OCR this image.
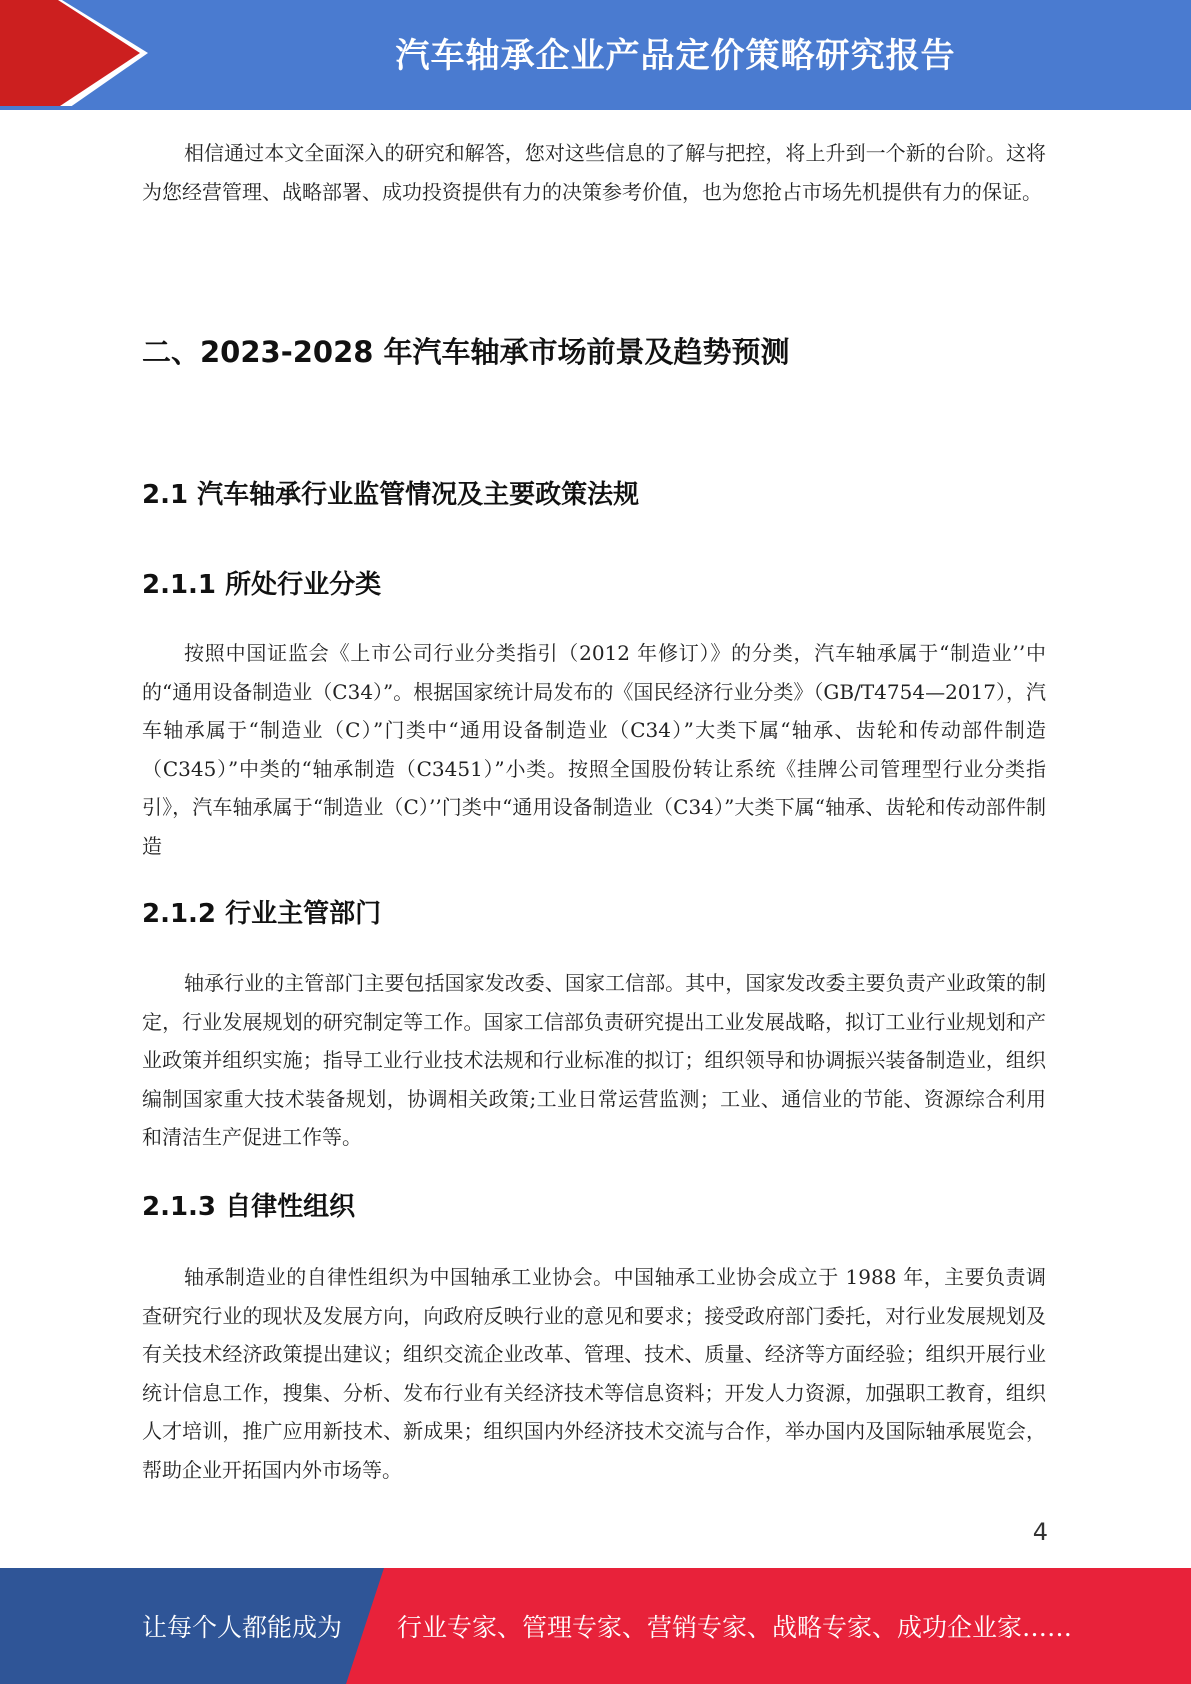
汽车轴承企业产品定价策略研究报告

相信通过本文全面深入的研究和解答，您对这些信息的了解与把控，将上升到一个新的台阶。这将为您经营管理、战略部署、成功投资提供有力的决策参考价值，也为您抢占市场先机提供有力的保证。

二、2023-2028 年汽车轴承市场前景及趋势预测
2.1 汽车轴承行业监管情况及主要政策法规
2.1.1 所处行业分类

按照中国证监会《上市公司行业分类指引（2012 年修订）》的分类，汽车轴承属于“制造业’’中的“通用设备制造业（C34）”。根据国家统计局发布的《国民经济行业分类》（GB/T4754—2017），汽车轴承属于“制造业（C）”门类中“通用设备制造业（C34）”大类下属“轴承、齿轮和传动部件制造（C345）”中类的“轴承制造（C3451）”小类。按照全国股份转让系统《挂牌公司管理型行业分类指引》，汽车轴承属于“制造业（C）’’门类中“通用设备制造业（C34）”大类下属“轴承、齿轮和传动部件制造

2.1.2 行业主管部门

轴承行业的主管部门主要包括国家发改委、国家工信部。其中，国家发改委主要负责产业政策的制定，行业发展规划的研究制定等工作。国家工信部负责研究提出工业发展战略，拟订工业行业规划和产业政策并组织实施；指导工业行业技术法规和行业标准的拟订；组织领导和协调振兴装备制造业，组织编制国家重大技术装备规划，协调相关政策;工业日常运营监测；工业、通信业的节能、资源综合利用和清洁生产促进工作等。

2.1.3 自律性组织

轴承制造业的自律性组织为中国轴承工业协会。中国轴承工业协会成立于 1988 年，主要负责调查研究行业的现状及发展方向，向政府反映行业的意见和要求；接受政府部门委托，对行业发展规划及有关技术经济政策提出建议；组织交流企业改革、管理、技术、质量、经济等方面经验；组织开展行业统计信息工作，搜集、分析、发布行业有关经济技术等信息资料；开发人力资源，加强职工教育，组织人才培训，推广应用新技术、新成果；组织国内外经济技术交流与合作，举办国内及国际轴承展览会，帮助企业开拓国内外市场等。

4
让每个人都能成为 行业专家、管理专家、营销专家、战略专家、成功企业家……
